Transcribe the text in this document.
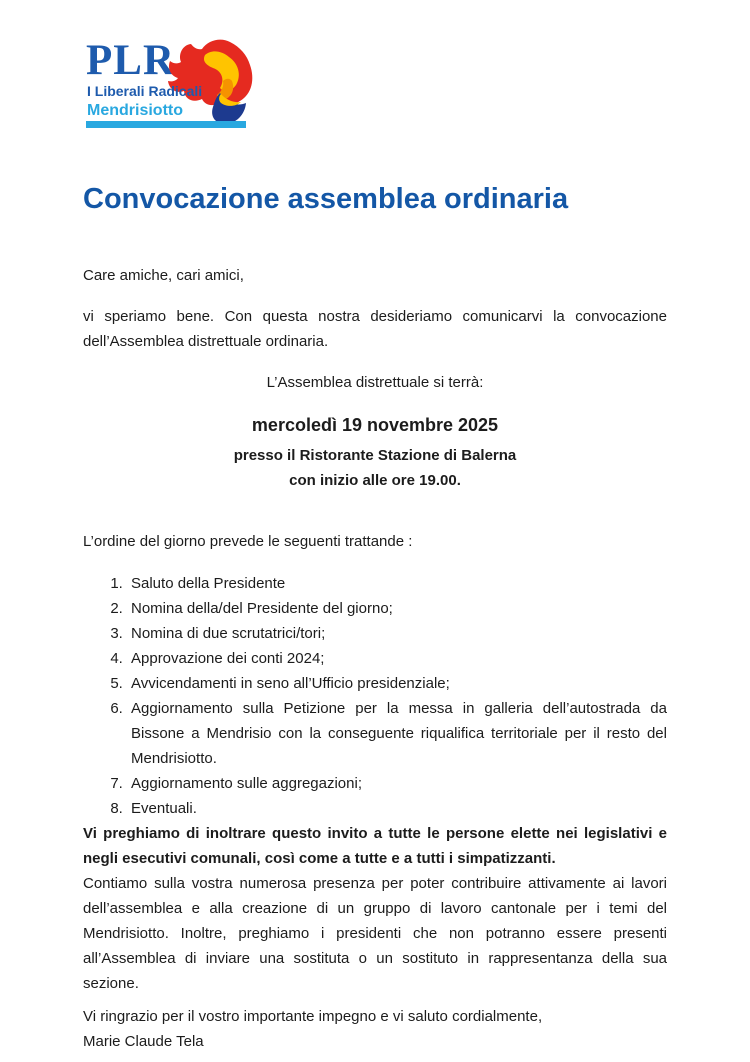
PLR
I Liberali Radicali
Mendrisiotto
Convocazione assemblea ordinaria

Care amiche, cari amici,

vi speriamo bene. Con questa nostra desideriamo comunicarvi la convocazione dell’Assemblea distrettuale ordinaria.

L’Assemblea distrettuale si terrà:

mercoledì 19 novembre 2025

presso il Ristorante Stazione di Balerna

con inizio alle ore 19.00.

L’ordine del giorno prevede le seguenti trattande :

1. Saluto della Presidente
2. Nomina della/del Presidente del giorno;
3. Nomina di due scrutatrici/tori;
4. Approvazione dei conti 2024;
5. Avvicendamenti in seno all’Ufficio presidenziale;
6. Aggiornamento sulla Petizione per la messa in galleria dell’autostrada da Bissone a Mendrisio con la conseguente riqualifica territoriale per il resto del Mendrisiotto.
7. Aggiornamento sulle aggregazioni;
8. Eventuali.

Vi preghiamo di inoltrare questo invito a tutte le persone elette nei legislativi e negli esecutivi comunali, così come a tutte e a tutti i simpatizzanti.

Contiamo sulla vostra numerosa presenza per poter contribuire attivamente ai lavori dell’assemblea e alla creazione di un gruppo di lavoro cantonale per i temi del Mendrisiotto. Inoltre, preghiamo i presidenti che non potranno essere presenti all’Assemblea di inviare una sostituta o un sostituto in rappresentanza della sua sezione.

Vi ringrazio per il vostro importante impegno e vi saluto cordialmente,

Marie Claude Tela
